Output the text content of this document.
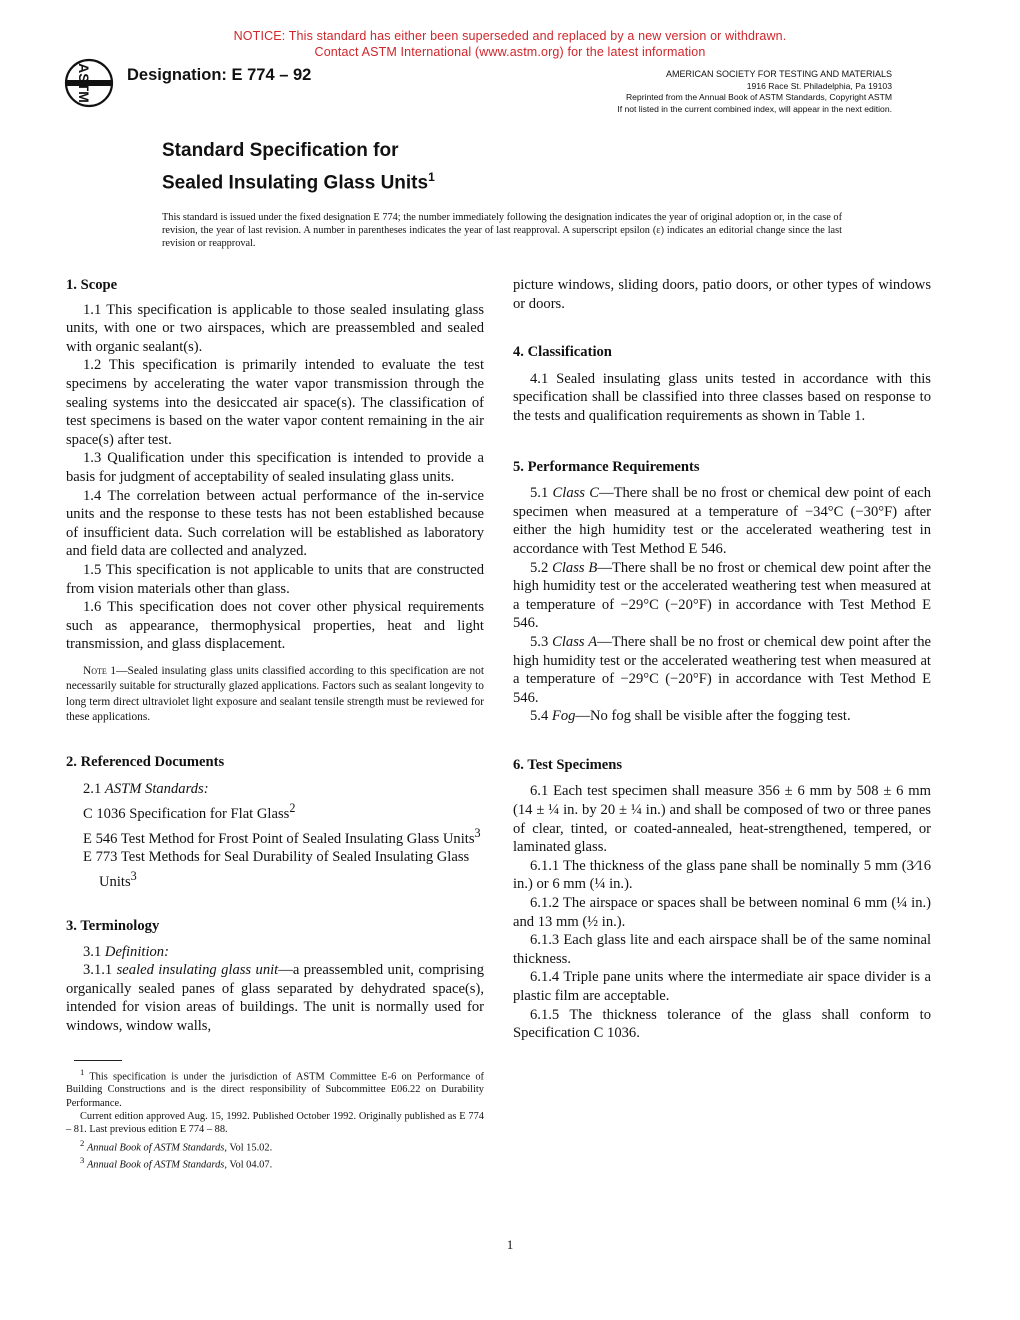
NOTICE: This standard has either been superseded and replaced by a new version or withdrawn.
Contact ASTM International (www.astm.org) for the latest information
ASTM Designation: E 774 – 92	AMERICAN SOCIETY FOR TESTING AND MATERIALS
1916 Race St. Philadelphia, Pa 19103
Reprinted from the Annual Book of ASTM Standards, Copyright ASTM
If not listed in the current combined index, will appear in the next edition.
Standard Specification for
Sealed Insulating Glass Units$^1$
This standard is issued under the fixed designation E 774; the number immediately following the designation indicates the year of original adoption or, in the case of revision, the year of last revision. A number in parentheses indicates the year of last reapproval. A superscript epsilon (ε) indicates an editorial change since the last revision or reapproval.
1. Scope

1.1 This specification is applicable to those sealed insulating glass units, with one or two airspaces, which are preassembled and sealed with organic sealant(s).

1.2 This specification is primarily intended to evaluate the test specimens by accelerating the water vapor transmission through the sealing systems into the desiccated air space(s). The classification of test specimens is based on the water vapor content remaining in the air space(s) after test.

1.3 Qualification under this specification is intended to provide a basis for judgment of acceptability of sealed insulating glass units.

1.4 The correlation between actual performance of the in-service units and the response to these tests has not been established because of insufficient data. Such correlation will be established as laboratory and field data are collected and analyzed.

1.5 This specification is not applicable to units that are constructed from vision materials other than glass.

1.6 This specification does not cover other physical requirements such as appearance, thermophysical properties, heat and light transmission, and glass displacement.

Note 1—Sealed insulating glass units classified according to this specification are not necessarily suitable for structurally glazed applications. Factors such as sealant longevity to long term direct ultraviolet light exposure and sealant tensile strength must be reviewed for these applications.

2. Referenced Documents

2.1 ASTM Standards:

C 1036 Specification for Flat Glass$^2$

E 546 Test Method for Frost Point of Sealed Insulating Glass Units$^3$

E 773 Test Methods for Seal Durability of Sealed Insulating Glass Units$^3$

3. Terminology

3.1 Definition:

3.1.1 sealed insulating glass unit—a preassembled unit, comprising organically sealed panes of glass separated by dehydrated space(s), intended for vision areas of buildings. The unit is normally used for windows, window walls,

$^1$ This specification is under the jurisdiction of ASTM Committee E-6 on Performance of Building Constructions and is the direct responsibility of Subcommittee E06.22 on Durability Performance.

Current edition approved Aug. 15, 1992. Published October 1992. Originally published as E 774 – 81. Last previous edition E 774 – 88.

$^2$ Annual Book of ASTM Standards, Vol 15.02.

$^3$ Annual Book of ASTM Standards, Vol 04.07.

picture windows, sliding doors, patio doors, or other types of windows or doors.

4. Classification

4.1 Sealed insulating glass units tested in accordance with this specification shall be classified into three classes based on response to the tests and qualification requirements as shown in Table 1.

5. Performance Requirements

5.1 Class C—There shall be no frost or chemical dew point of each specimen when measured at a temperature of −34°C (−30°F) after either the high humidity test or the accelerated weathering test in accordance with Test Method E 546.

5.2 Class B—There shall be no frost or chemical dew point after the high humidity test or the accelerated weathering test when measured at a temperature of −29°C (−20°F) in accordance with Test Method E 546.

5.3 Class A—There shall be no frost or chemical dew point after the high humidity test or the accelerated weathering test when measured at a temperature of −29°C (−20°F) in accordance with Test Method E 546.

5.4 Fog—No fog shall be visible after the fogging test.

6. Test Specimens

6.1 Each test specimen shall measure 356 ± 6 mm by 508 ± 6 mm (14 ± ¼ in. by 20 ± ¼ in.) and shall be composed of two or three panes of clear, tinted, or coated-annealed, heat-strengthened, tempered, or laminated glass.

6.1.1 The thickness of the glass pane shall be nominally 5 mm (3⁄16 in.) or 6 mm (¼ in.).

6.1.2 The airspace or spaces shall be between nominal 6 mm (¼ in.) and 13 mm (½ in.).

6.1.3 Each glass lite and each airspace shall be of the same nominal thickness.

6.1.4 Triple pane units where the intermediate air space divider is a plastic film are acceptable.

6.1.5 The thickness tolerance of the glass shall conform to Specification C 1036.

1
